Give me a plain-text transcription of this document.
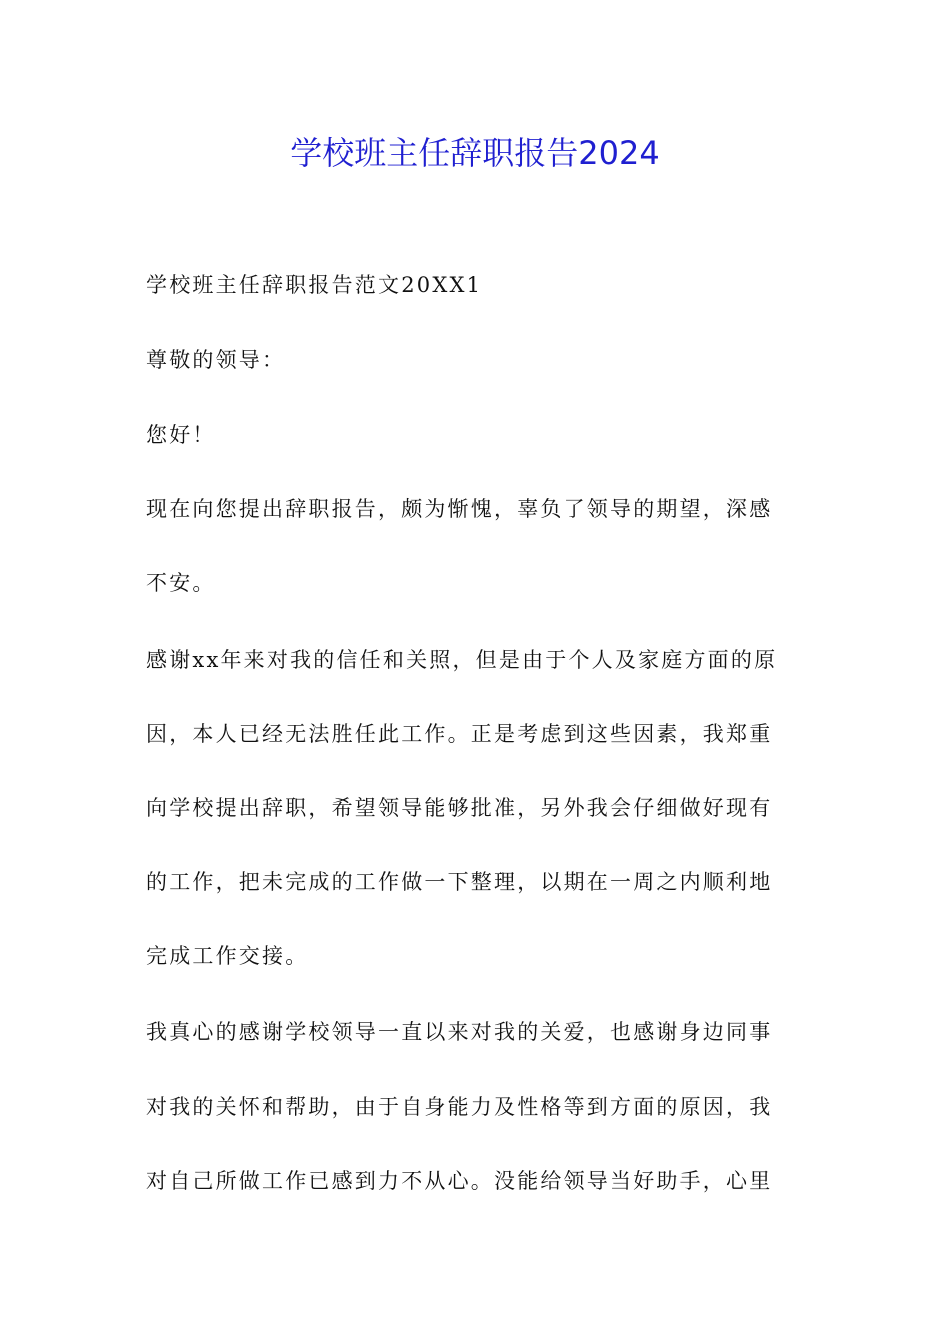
学校班主任辞职报告2024

学校班主任辞职报告范文20XX1

尊敬的领导：

您好！

现在向您提出辞职报告，颇为惭愧，辜负了领导的期望，深感

不安。

感谢xx年来对我的信任和关照，但是由于个人及家庭方面的原

因，本人已经无法胜任此工作。正是考虑到这些因素，我郑重

向学校提出辞职，希望领导能够批准，另外我会仔细做好现有

的工作，把未完成的工作做一下整理，以期在一周之内顺利地

完成工作交接。

我真心的感谢学校领导一直以来对我的关爱，也感谢身边同事

对我的关怀和帮助，由于自身能力及性格等到方面的原因，我

对自己所做工作已感到力不从心。没能给领导当好助手，心里
